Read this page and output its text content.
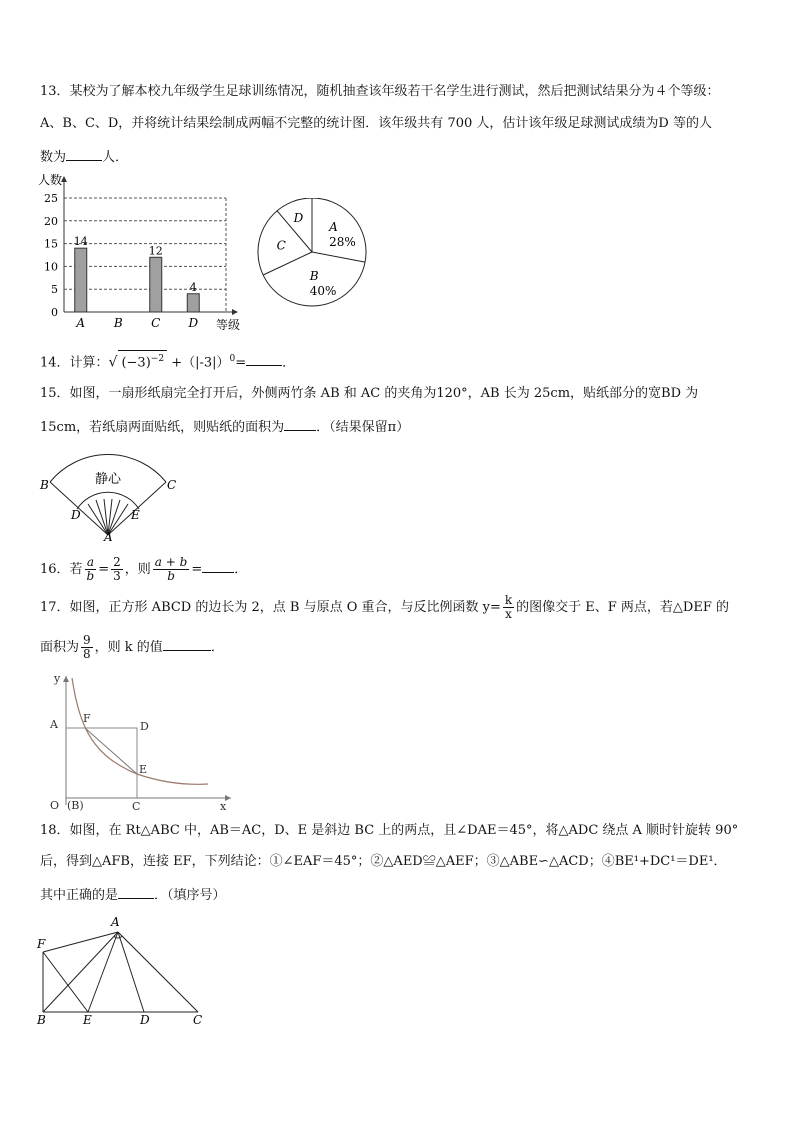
13．某校为了解本校九年级学生足球训练情况，随机抽查该年级若干名学生进行测试，然后把测试结果分为４个等级：
A、B、C、D，并将统计结果绘制成两幅不完整的统计图．该年级共有 700 人，估计该年级足球测试成绩为D 等的人
数为	人．
人数
0
5
10
15
20
25
14
A B
12
C
4
D 等级
A
28%
B
40%
C
D
14．计算：√ $(-3)^{-2} +(|-3|)^0=$	．
15．如图，一扇形纸扇完全打开后，外侧两竹条 AB 和 AC 的夹角为120°，AB 长为 25cm，贴纸部分的宽BD 为
15cm，若纸扇两面贴纸，则贴纸的面积为 ．（结果保留π）
静心
B	C
D	E
A
16．若 $\frac{a}{b} = \frac{2}{3}$ ，则 $\frac{a + b}{b}$ = ．
17．如图，正方形 ABCD 的边长为 2，点 B 与原点 O 重合，与反比例函数 $y= \frac{k}{x}$ 的图像交于 E、F 两点，若△DEF 的
面积为 $\frac{9}{8}$ ，则 k 的值	．
y
A F
D
E
O (B)	C	x
18．如图，在 Rt△ABC 中，AB＝AC，D、E 是斜边 BC 上的两点，且∠DAE＝45°，将△ADC 绕点 A 顺时针旋转 90°
后，得到△AFB，连接 EF，下列结论：①∠EAF＝45°；②△AED≌△AEF；③△ABE∽△ACD；④BE¹+DC¹＝DE¹．
其中正确的是	．（填序号）
A
F
B	E	D	C
